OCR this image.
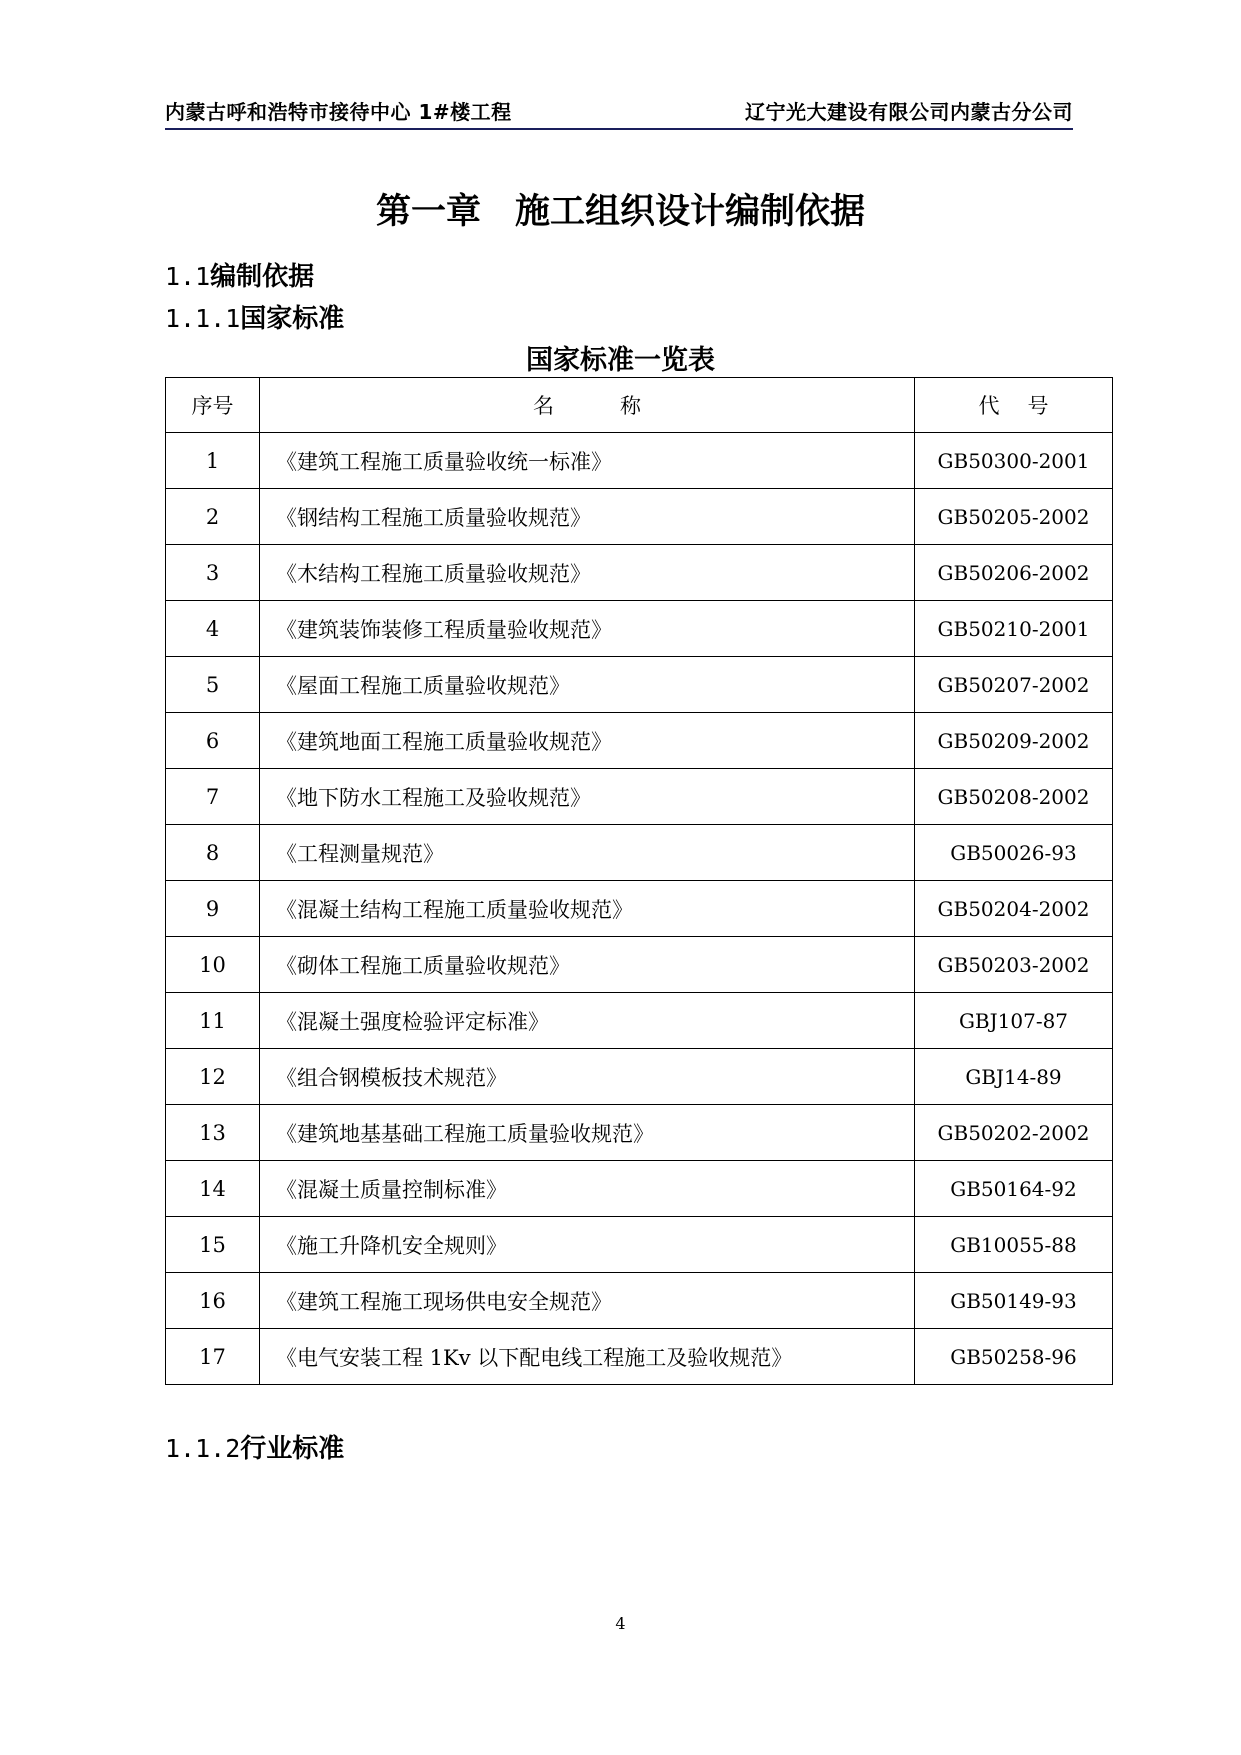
内蒙古呼和浩特市接待中心 1#楼工程	辽宁光大建设有限公司内蒙古分公司
第一章 施工组织设计编制依据
1.1编制依据
1.1.1国家标准
国家标准一览表
序号	名称	代号
1	《建筑工程施工质量验收统一标准》	GB50300-2001
2	《钢结构工程施工质量验收规范》	GB50205-2002
3	《木结构工程施工质量验收规范》	GB50206-2002
4	《建筑装饰装修工程质量验收规范》	GB50210-2001
5	《屋面工程施工质量验收规范》	GB50207-2002
6	《建筑地面工程施工质量验收规范》	GB50209-2002
7	《地下防水工程施工及验收规范》	GB50208-2002
8	《工程测量规范》	GB50026-93
9	《混凝土结构工程施工质量验收规范》	GB50204-2002
10	《砌体工程施工质量验收规范》	GB50203-2002
11	《混凝土强度检验评定标准》	GBJ107-87
12	《组合钢模板技术规范》	GBJ14-89
13	《建筑地基基础工程施工质量验收规范》	GB50202-2002
14	《混凝土质量控制标准》	GB50164-92
15	《施工升降机安全规则》	GB10055-88
16	《建筑工程施工现场供电安全规范》	GB50149-93
17	《电气安装工程 1Kv 以下配电线工程施工及验收规范》	GB50258-96
1.1.2行业标准
4
